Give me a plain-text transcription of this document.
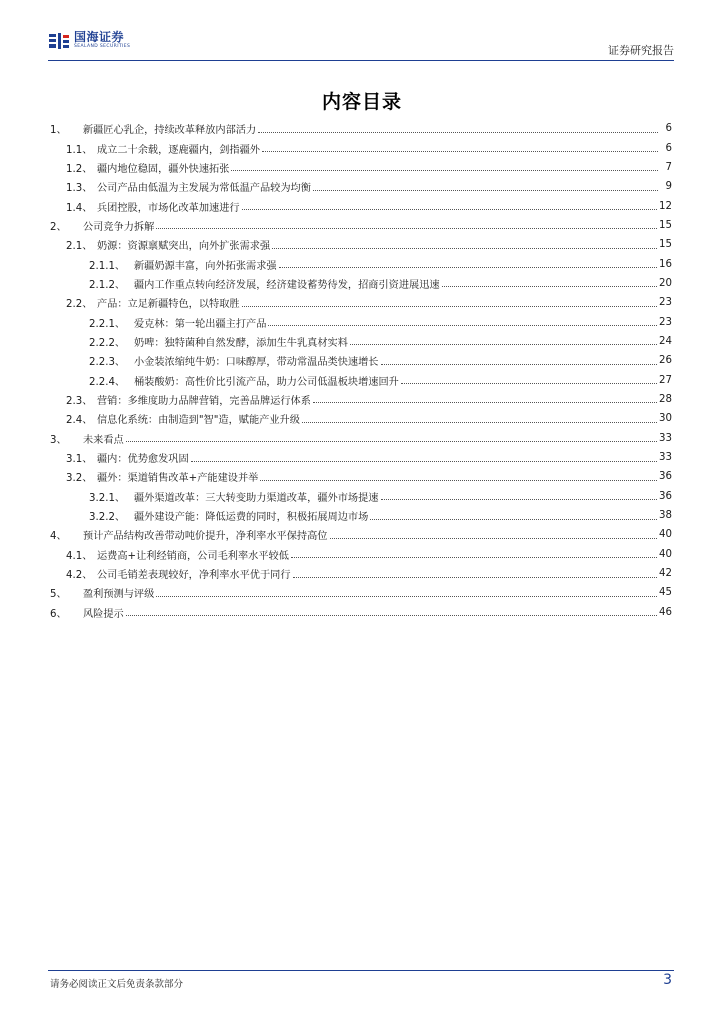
国海证券
SEALAND SECURITIES	证券研究报告
内容目录
1、	新疆匠心乳企，持续改革释放内部活力	6
1.1、 成立二十余载，逐鹿疆内，剑指疆外	6
1.2、 疆内地位稳固，疆外快速拓张	7
1.3、 公司产品由低温为主发展为常低温产品较为均衡	9
1.4、 兵团控股，市场化改革加速进行	12
2、	公司竞争力拆解	15
2.1、 奶源：资源禀赋突出，向外扩张需求强	15
2.1.1、 新疆奶源丰富，向外拓张需求强	16
2.1.2、 疆内工作重点转向经济发展，经济建设蓄势待发，招商引资进展迅速	20
2.2、 产品：立足新疆特色，以特取胜	23
2.2.1、 爱克林：第一轮出疆主打产品	23
2.2.2、 奶啤：独特菌种自然发酵，添加生牛乳真材实料	24
2.2.3、 小金装浓缩纯牛奶：口味醇厚，带动常温品类快速增长	26
2.2.4、 桶装酸奶：高性价比引流产品，助力公司低温板块增速回升	27
2.3、 营销：多维度助力品牌营销，完善品牌运行体系	28
2.4、 信息化系统：由制造到"智"造，赋能产业升级	30
3、	未来看点	33
3.1、 疆内：优势愈发巩固	33
3.2、 疆外：渠道销售改革+产能建设并举	36
3.2.1、 疆外渠道改革：三大转变助力渠道改革，疆外市场提速	36
3.2.2、 疆外建设产能：降低运费的同时，积极拓展周边市场	38
4、	预计产品结构改善带动吨价提升，净利率水平保持高位	40
4.1、 运费高+让利经销商，公司毛利率水平较低	40
4.2、 公司毛销差表现较好，净利率水平优于同行	42
5、	盈利预测与评级	45
6、	风险提示	46
请务必阅读正文后免责条款部分	3
